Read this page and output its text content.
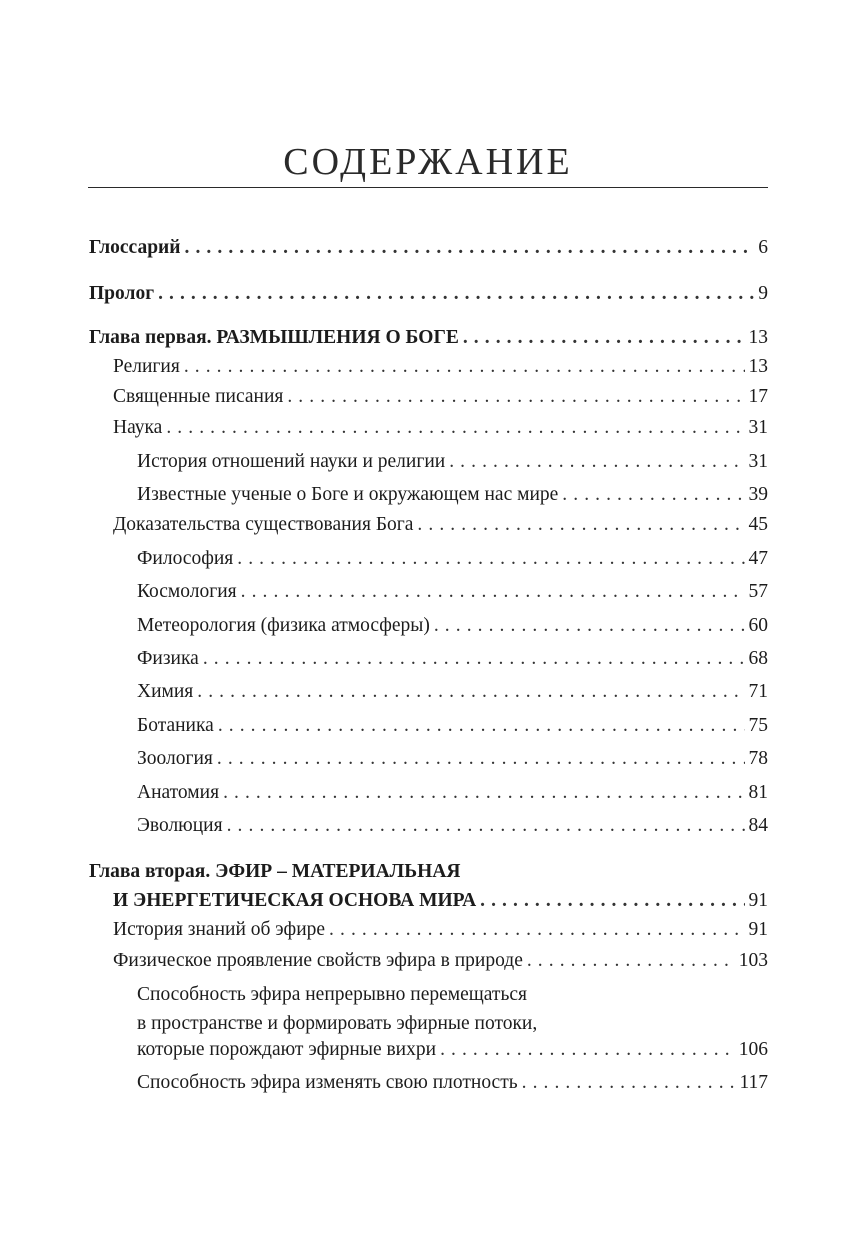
СОДЕРЖАНИЕ
Глоссарий . . .	6
Пролог . . .	9
Глава первая. РАЗМЫШЛЕНИЯ О БОГЕ . . .	13
Религия . . .	13
Священные писания . . .	17
Наука . . .	31
История отношений науки и религии . . .	31
Известные ученые о Боге и окружающем нас мире . . .	39
Доказательства существования Бога . . .	45
Философия . . .	47
Космология . . .	57
Метеорология (физика атмосферы) . . .	60
Физика . . .	68
Химия . . .	71
Ботаника . . .	75
Зоология . . .	78
Анатомия . . .	81
Эволюция . . .	84
Глава вторая. ЭФИР – МАТЕРИАЛЬНАЯ
И ЭНЕРГЕТИЧЕСКАЯ ОСНОВА МИРА . . .	91
История знаний об эфире . . .	91
Физическое проявление свойств эфира в природе . . .	103
Способность эфира непрерывно перемещаться
в пространстве и формировать эфирные потоки,
которые порождают эфирные вихри . . .	106
Способность эфира изменять свою плотность . . .	117
